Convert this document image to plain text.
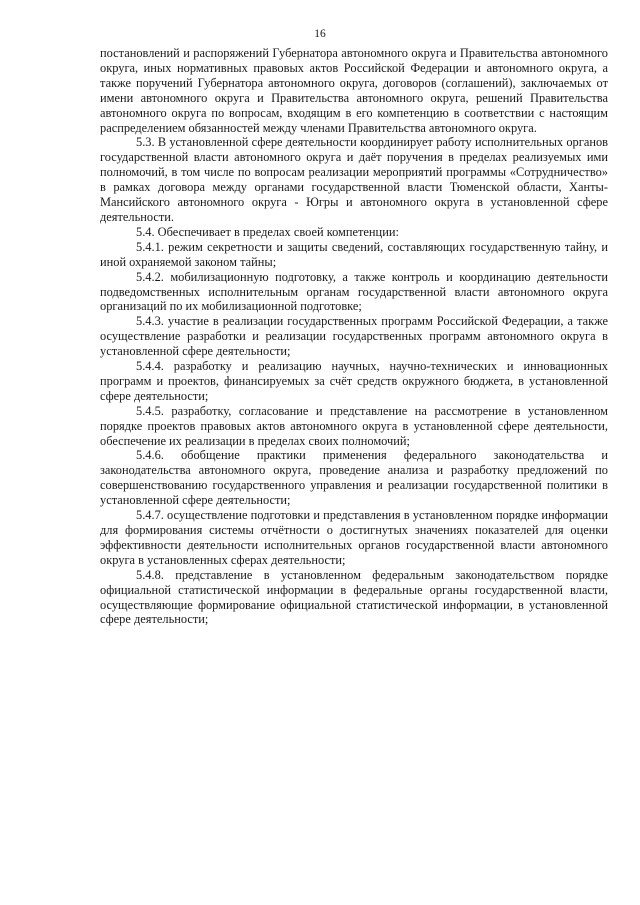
16

постановлений и распоряжений Губернатора автономного округа и Правительства автономного округа, иных нормативных правовых актов Российской Федерации и автономного округа, а также поручений Губернатора автономного округа, договоров (соглашений), заключаемых от имени автономного округа и Правительства автономного округа, решений Правительства автономного округа по вопросам, входящим в его компетенцию в соответствии с настоящим распределением обязанностей между членами Правительства автономного округа.

5.3. В установленной сфере деятельности координирует работу исполнительных органов государственной власти автономного округа и даёт поручения в пределах реализуемых ими полномочий, в том числе по вопросам реализации мероприятий программы «Сотрудничество» в рамках договора между органами государственной власти Тюменской области, Ханты-Мансийского автономного округа - Югры и автономного округа в установленной сфере деятельности.

5.4. Обеспечивает в пределах своей компетенции:

5.4.1. режим секретности и защиты сведений, составляющих государственную тайну, и иной охраняемой законом тайны;

5.4.2. мобилизационную подготовку, а также контроль и координацию деятельности подведомственных исполнительным органам государственной власти автономного округа организаций по их мобилизационной подготовке;

5.4.3. участие в реализации государственных программ Российской Федерации, а также осуществление разработки и реализации государственных программ автономного округа в установленной сфере деятельности;

5.4.4. разработку и реализацию научных, научно-технических и инновационных программ и проектов, финансируемых за счёт средств окружного бюджета, в установленной сфере деятельности;

5.4.5. разработку, согласование и представление на рассмотрение в установленном порядке проектов правовых актов автономного округа в установленной сфере деятельности, обеспечение их реализации в пределах своих полномочий;

5.4.6. обобщение практики применения федерального законодательства и законодательства автономного округа, проведение анализа и разработку предложений по совершенствованию государственного управления и реализации государственной политики в установленной сфере деятельности;

5.4.7. осуществление подготовки и представления в установленном порядке информации для формирования системы отчётности о достигнутых значениях показателей для оценки эффективности деятельности исполнительных органов государственной власти автономного округа в установленных сферах деятельности;

5.4.8. представление в установленном федеральным законодательством порядке официальной статистической информации в федеральные органы государственной власти, осуществляющие формирование официальной статистической информации, в установленной сфере деятельности;
